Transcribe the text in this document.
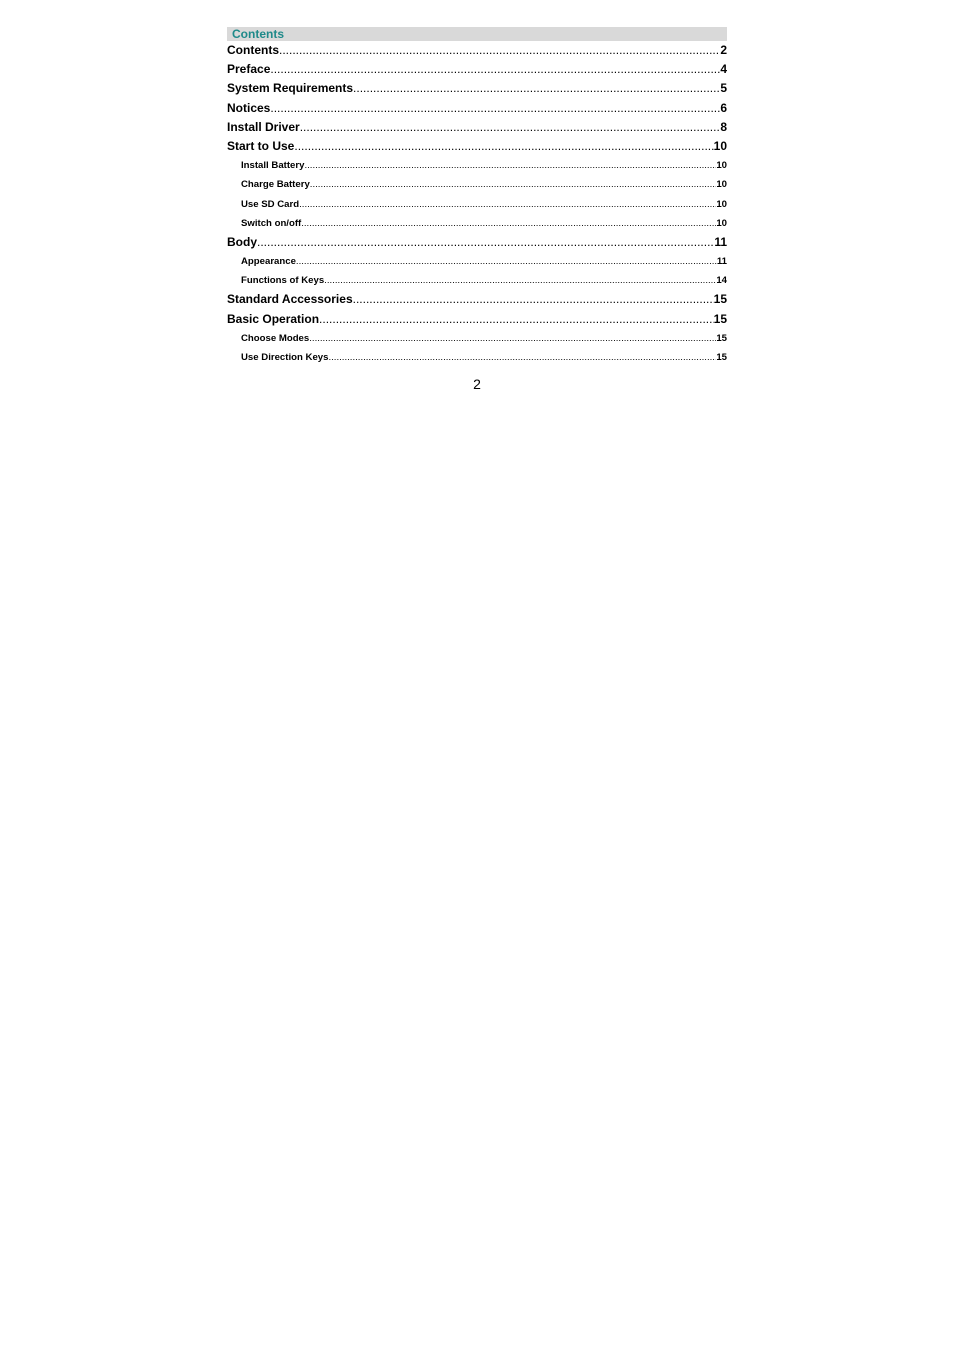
Contents
Contents .....	2
Preface .....	4
System Requirements .....	5
Notices .....	6
Install Driver .....	8
Start to Use .....	10
Install Battery .....	10
Charge Battery .....	10
Use SD Card .....	10
Switch on/off .....	10
Body .....	11
Appearance .....	11
Functions of Keys .....	14
Standard Accessories .....	15
Basic Operation .....	15
Choose Modes .....	15
Use Direction Keys .....	15
2
